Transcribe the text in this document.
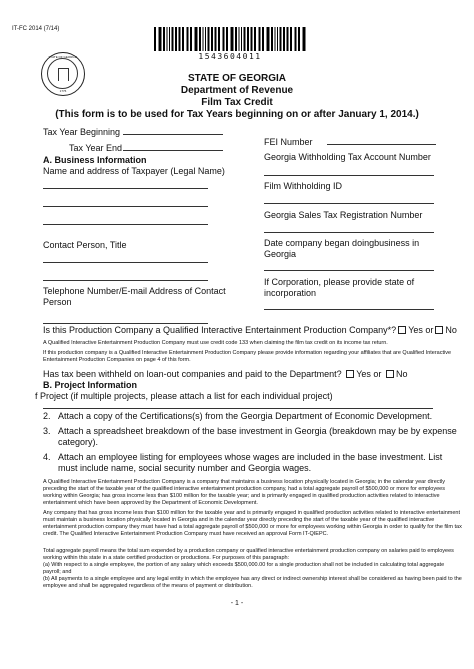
IT-FC 2014 (7/14)
STATE OF GEORGIA
1776
1543604011
STATE OF GEORGIA
Department of Revenue
Film Tax Credit
(This form is to be used for Tax Years beginning on or after January 1, 2014.)
Tax Year Beginning
Tax Year End
A. Business Information
Name and address of Taxpayer (Legal Name)
Contact Person, Title
Telephone Number/E-mail Address of Contact Person
FEI Number
Georgia Withholding Tax Account Number
Film Withholding ID
Georgia Sales Tax Registration Number
Date company began doingbusiness in Georgia
If Corporation, please provide state of incorporation
Is this Production Company a Qualified Interactive Entertainment Production Company*? Yes or No
A Qualified Interactive Entertainment Production Company must use credit code 133 when claiming the film tax credit on its income tax return.
If this production company is a Qualified Interactive Entertainment Production Company please provide information regarding your affiliates that are Qualified Interactive Entertainment Production Companies on page 4 of this form.
Has tax been withheld on loan-out companies and paid to the Department? Yes or No
B. Project Information
f Project (if multiple projects, please attach a list for each individual project)
2. Attach a copy of the Certifications(s) from the Georgia Department of Economic Development.
3. Attach a spreadsheet breakdown of the base investment in Georgia (breakdown may be by expense category).
4. Attach an employee listing for employees whose wages are included in the base investment. List must include name, social security number and Georgia wages.
A Qualified Interactive Entertainment Production Company is a company that maintains a business location physically located in Georgia; in the calendar year directly preceding the start of the taxable year of the qualified interactive entertainment production company, had a total aggregate payroll of $500,000 or more for employees working within Georgia; has gross income less than $100 million for the taxable year; and is primarily engaged in qualified production activities related to interactive entertainment which have been approved by the Department of Economic Development.
Any company that has gross income less than $100 million for the taxable year and is primarily engaged in qualified production activities related to interactive entertainment must maintain a business location physically located in Georgia and in the calendar year directly preceding the start of the taxable year of the qualified interactive entertainment production company they must have had a total aggregate payroll of $500,000 or more for employees working within Georgia in order to qualify for the film tax credit. The Qualified Interactive Entertainment Production Company must have received an approval Form IT-QIEPC.
Total aggregate payroll means the total sum expended by a production company or qualified interactive entertainment production company on salaries paid to employees working within this state in a state certified production or productions. For purposes of this paragraph:
(a) With respect to a single employee, the portion of any salary which exceeds $500,000.00 for a single production shall not be included in calculating total aggregate payroll; and
(b) All payments to a single employee and any legal entity in which the employee has any direct or indirect ownership interest shall be considered as having been paid to the employee and shall be aggregated regardless of the means of payment or distribution.
- 1 -
